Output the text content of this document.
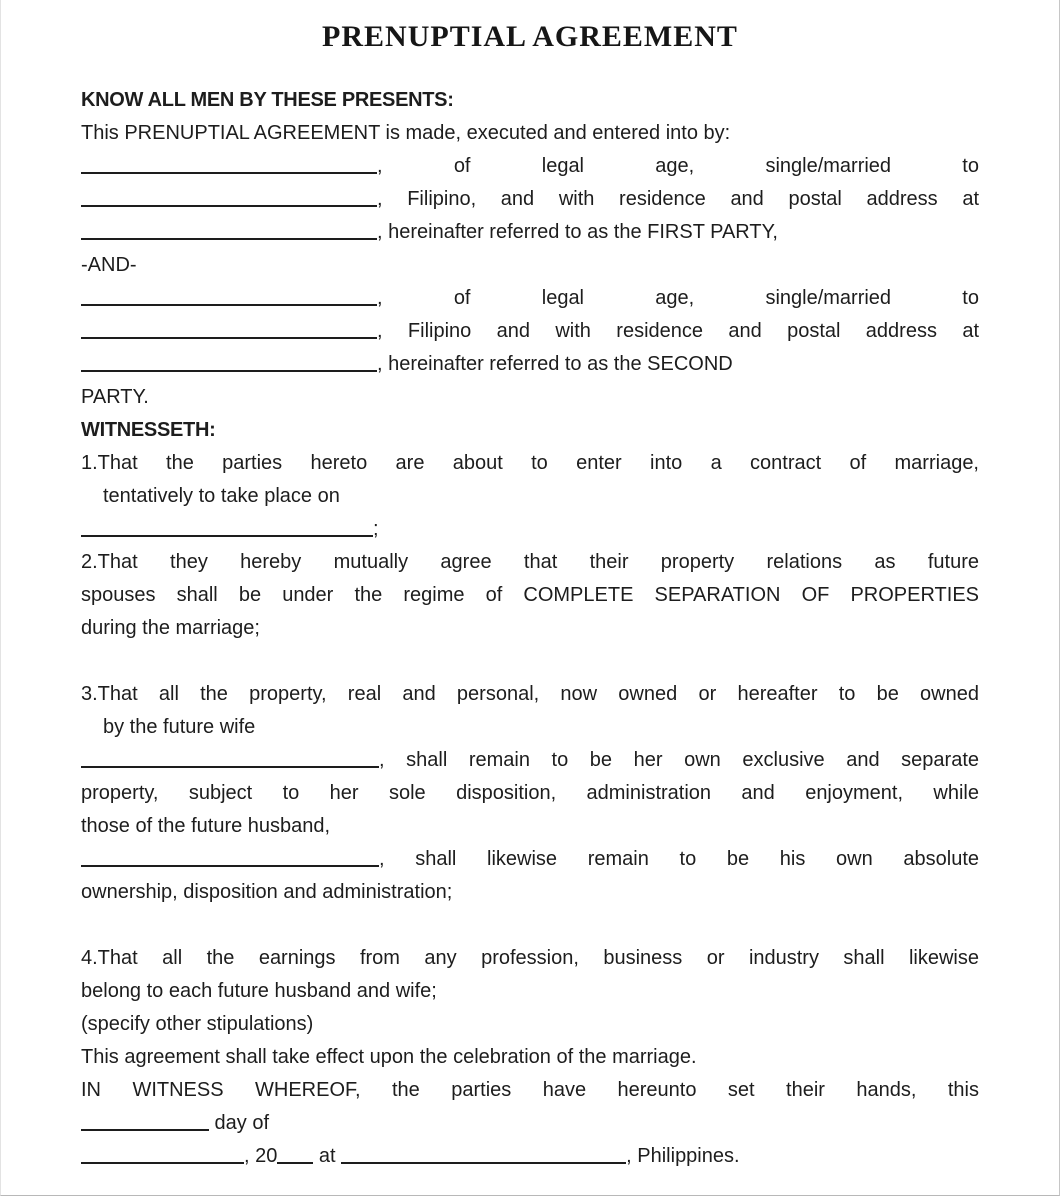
PRENUPTIAL AGREEMENT
KNOW ALL MEN BY THESE PRESENTS:
This PRENUPTIAL AGREEMENT is made, executed and entered into by:
, of legal age, single/married to
, Filipino, and with residence and postal address at
, hereinafter referred to as the FIRST PARTY,
-AND-
, of legal age, single/married to
, Filipino and with residence and postal address at
, hereinafter referred to as the SECOND
PARTY.
WITNESSETH:
1.That the parties hereto are about to enter into a contract of marriage,
tentatively to take place on
;
2.That they hereby mutually agree that their property relations as future
spouses shall be under the regime of COMPLETE SEPARATION OF PROPERTIES
during the marriage;
3.That all the property, real and personal, now owned or hereafter to be owned
by the future wife
, shall remain to be her own exclusive and separate
property, subject to her sole disposition, administration and enjoyment, while
those of the future husband,
, shall likewise remain to be his own absolute
ownership, disposition and administration;
4.That all the earnings from any profession, business or industry shall likewise
belong to each future husband and wife;
(specify other stipulations)
This agreement shall take effect upon the celebration of the marriage.
IN WITNESS WHEREOF, the parties have hereunto set their hands, this
day of
, 20 at	, Philippines.
